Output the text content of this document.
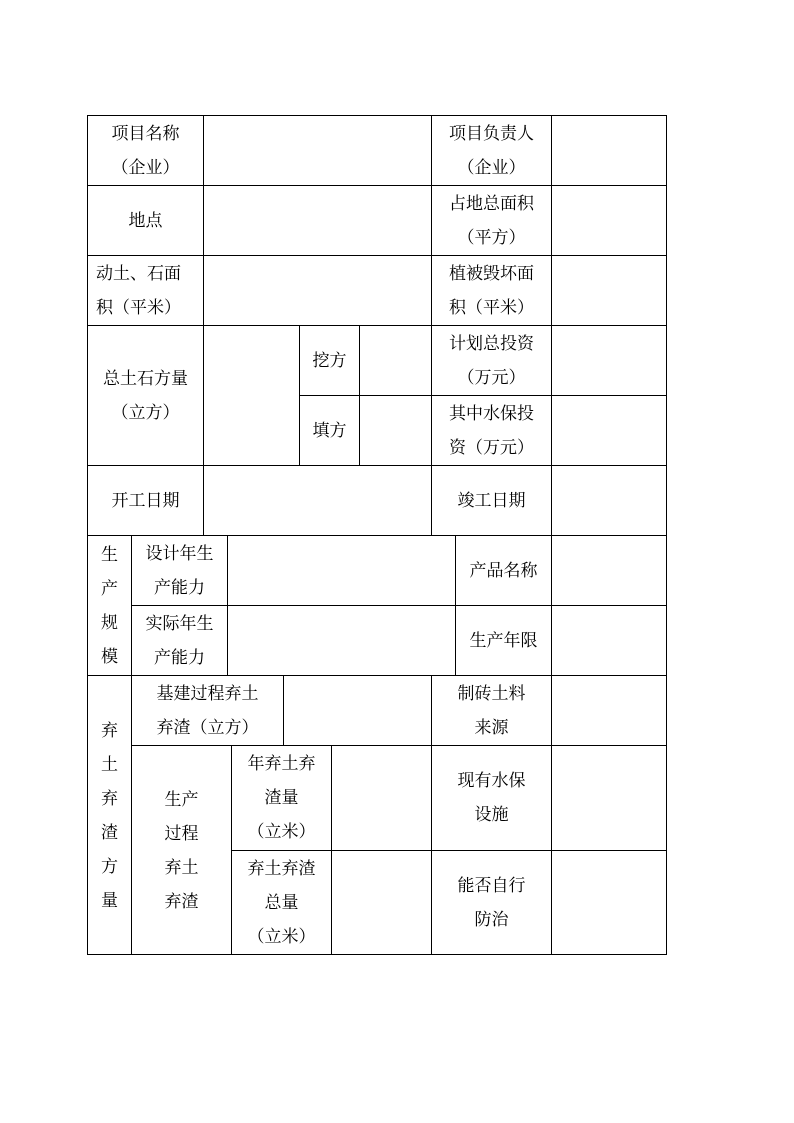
项目名称
（企业）
项目负责人
（企业）
地点
占地总面积
（平方）
动土、石面
积（平米）
植被毁坏面
积（平米）
总土石方量
（立方）
挖方
计划总投资
（万元）
填方
其中水保投
资（万元）
开工日期	竣工日期
生
产
规
模
设计年生
产能力
产品名称
实际年生
产能力
生产年限
弃
土
弃
渣
方
量
基建过程弃土
弃渣（立方）
制砖土料
来源
生产
过程
弃土
弃渣
年弃土弃
渣量
（立米）
现有水保
设施
弃土弃渣
总量
（立米）
能否自行
防治
